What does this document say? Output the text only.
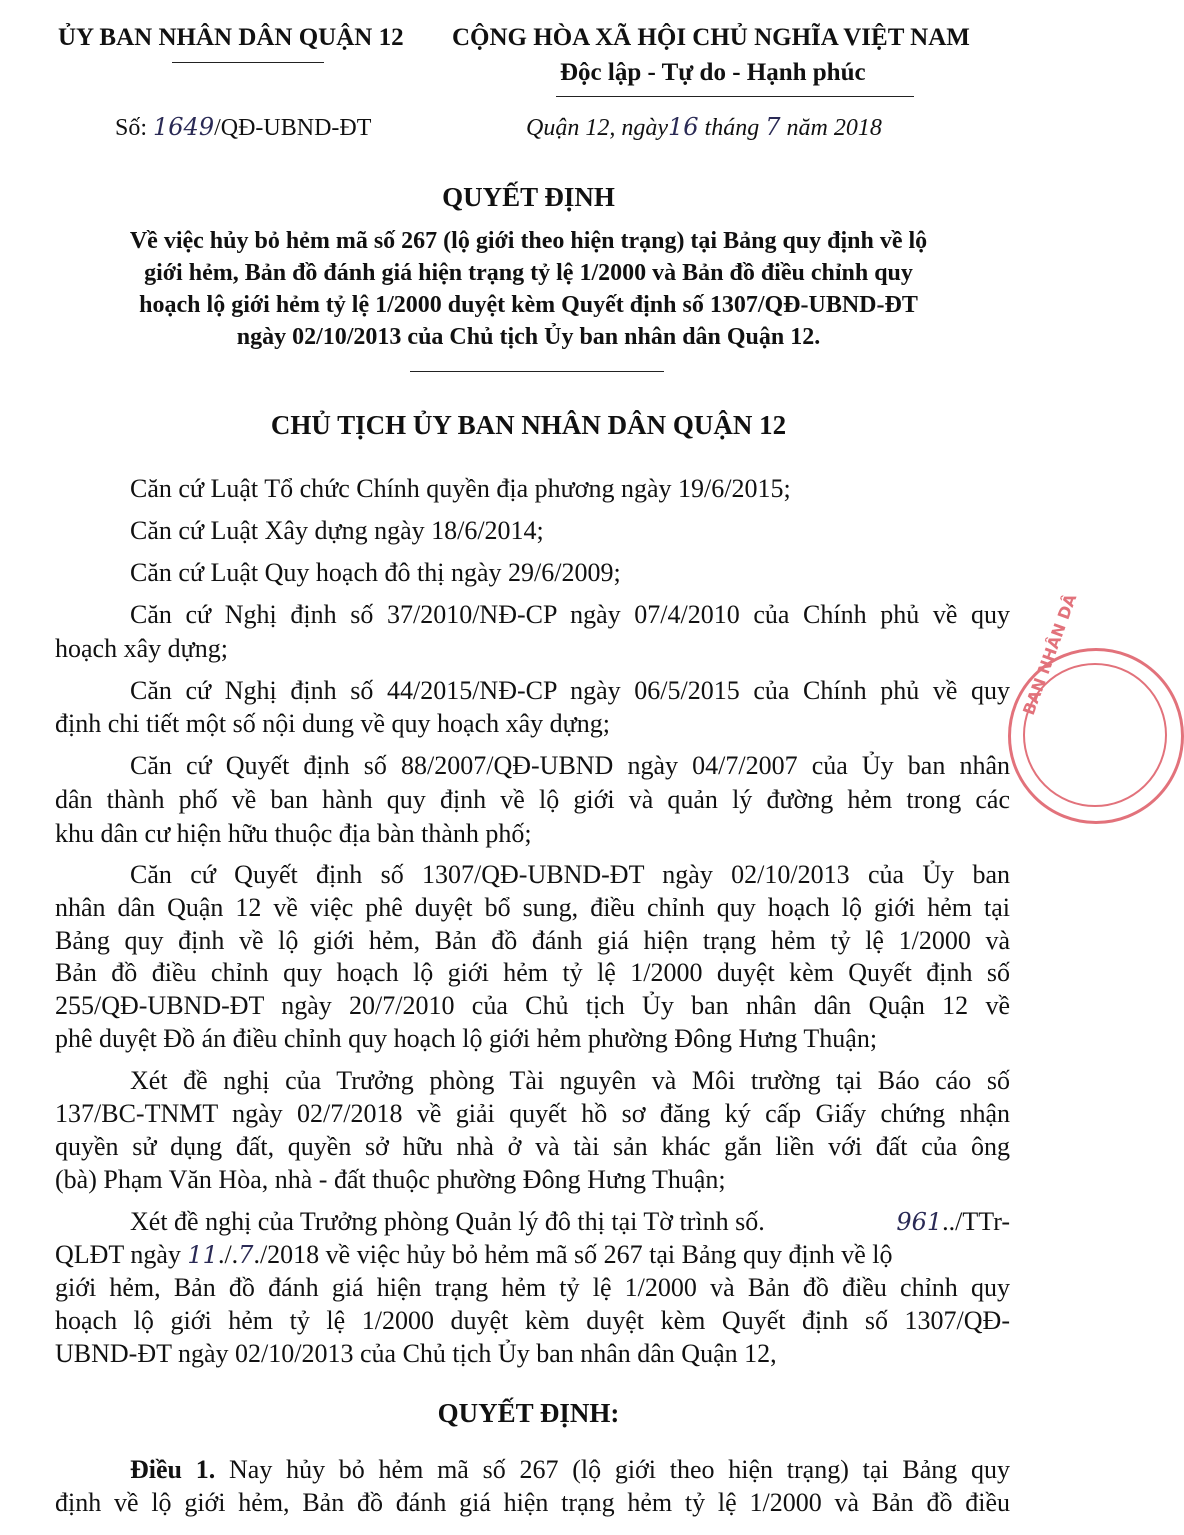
ỦY BAN NHÂN DÂN QUẬN 12 CỘNG HÒA XÃ HỘI CHỦ NGHĨA VIỆT NAM
Độc lập - Tự do - Hạnh phúc
Số: 1649/QĐ-UBND-ĐT	Quận 12, ngày16 tháng 7 năm 2018
QUYẾT ĐỊNH
Về việc hủy bỏ hẻm mã số 267 (lộ giới theo hiện trạng) tại Bảng quy định về lộ
giới hẻm, Bản đồ đánh giá hiện trạng tỷ lệ 1/2000 và Bản đồ điều chỉnh quy
hoạch lộ giới hẻm tỷ lệ 1/2000 duyệt kèm Quyết định số 1307/QĐ-UBND-ĐT
ngày 02/10/2013 của Chủ tịch Ủy ban nhân dân Quận 12.
CHỦ TỊCH ỦY BAN NHÂN DÂN QUẬN 12
Căn cứ Luật Tổ chức Chính quyền địa phương ngày 19/6/2015;
Căn cứ Luật Xây dựng ngày 18/6/2014;
Căn cứ Luật Quy hoạch đô thị ngày 29/6/2009;
Căn cứ Nghị định số 37/2010/NĐ-CP ngày 07/4/2010 của Chính phủ về quy
hoạch xây dựng;
Căn cứ Nghị định số 44/2015/NĐ-CP ngày 06/5/2015 của Chính phủ về quy
định chi tiết một số nội dung về quy hoạch xây dựng;
Căn cứ Quyết định số 88/2007/QĐ-UBND ngày 04/7/2007 của Ủy ban nhân
dân thành phố về ban hành quy định về lộ giới và quản lý đường hẻm trong các
khu dân cư hiện hữu thuộc địa bàn thành phố;
Căn cứ Quyết định số 1307/QĐ-UBND-ĐT ngày 02/10/2013 của Ủy ban
nhân dân Quận 12 về việc phê duyệt bổ sung, điều chỉnh quy hoạch lộ giới hẻm tại
Bảng quy định về lộ giới hẻm, Bản đồ đánh giá hiện trạng hẻm tỷ lệ 1/2000 và
Bản đồ điều chỉnh quy hoạch lộ giới hẻm tỷ lệ 1/2000 duyệt kèm Quyết định số
255/QĐ-UBND-ĐT ngày 20/7/2010 của Chủ tịch Ủy ban nhân dân Quận 12 về
phê duyệt Đồ án điều chỉnh quy hoạch lộ giới hẻm phường Đông Hưng Thuận;
Xét đề nghị của Trưởng phòng Tài nguyên và Môi trường tại Báo cáo số
137/BC-TNMT ngày 02/7/2018 về giải quyết hồ sơ đăng ký cấp Giấy chứng nhận
quyền sử dụng đất, quyền sở hữu nhà ở và tài sản khác gắn liền với đất của ông
(bà) Phạm Văn Hòa, nhà - đất thuộc phường Đông Hưng Thuận;
Xét đề nghị của Trưởng phòng Quản lý đô thị tại Tờ trình số.	961../TTr-
QLĐT ngày 11./.7./2018 về việc hủy bỏ hẻm mã số 267 tại Bảng quy định về lộ
giới hẻm, Bản đồ đánh giá hiện trạng hẻm tỷ lệ 1/2000 và Bản đồ điều chỉnh quy
hoạch lộ giới hẻm tỷ lệ 1/2000 duyệt kèm duyệt kèm Quyết định số 1307/QĐ-
UBND-ĐT ngày 02/10/2013 của Chủ tịch Ủy ban nhân dân Quận 12,
QUYẾT ĐỊNH:
Điều 1. Nay hủy bỏ hẻm mã số 267 (lộ giới theo hiện trạng) tại Bảng quy
định về lộ giới hẻm, Bản đồ đánh giá hiện trạng hẻm tỷ lệ 1/2000 và Bản đồ điều
BAN NHÂN DÂ
